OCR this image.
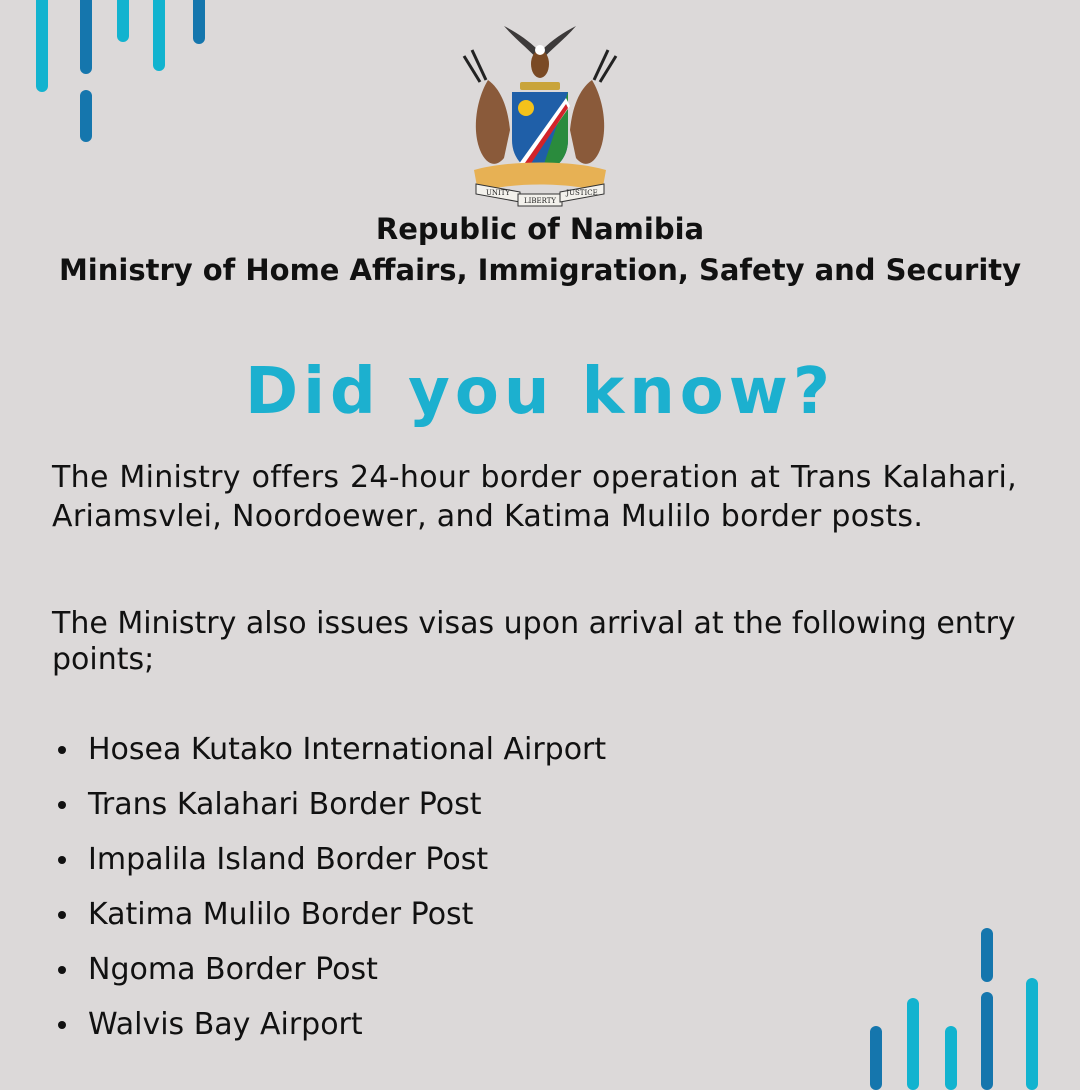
UNITY
LIBERTY
JUSTICE
Republic of Namibia
Ministry of Home Affairs, Immigration, Safety and Security
Did you know?
The Ministry offers 24-hour border operation at Trans Kalahari, Ariamsvlei, Noordoewer, and Katima Mulilo border posts.
The Ministry also issues visas upon arrival at the following entry points;
Hosea Kutako International Airport
Trans Kalahari Border Post
Impalila Island Border Post
Katima Mulilo Border Post
Ngoma Border Post
Walvis Bay Airport
